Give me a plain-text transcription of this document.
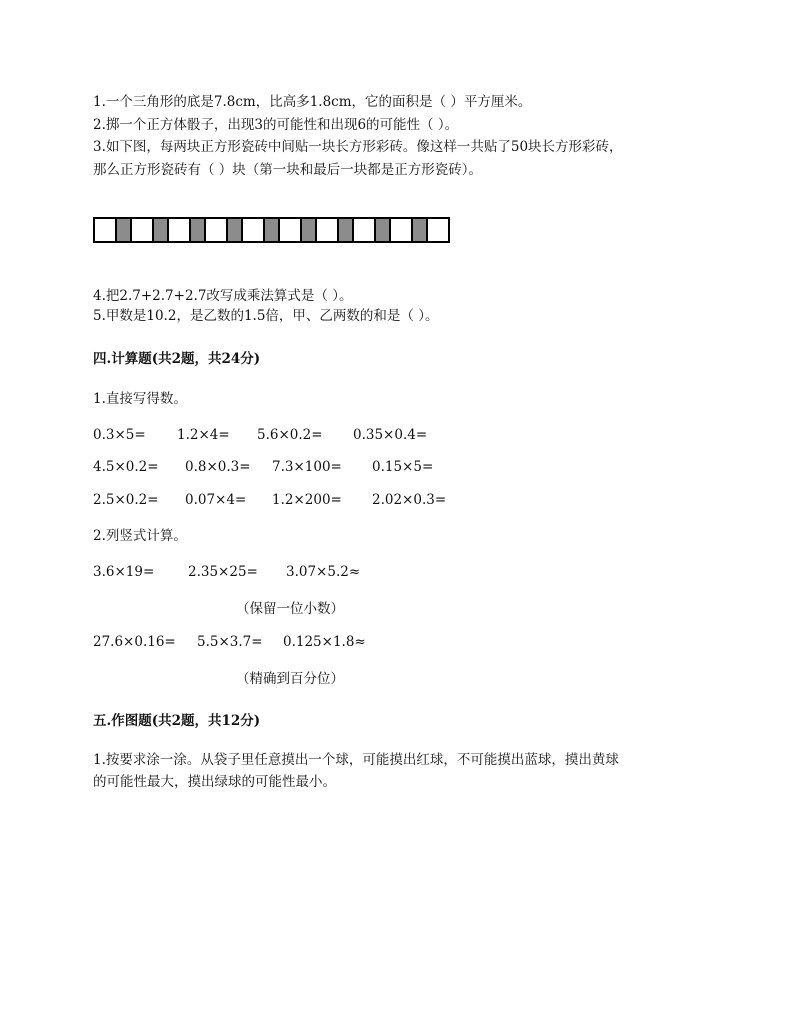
1.一个三角形的底是7.8cm，比高多1.8cm，它的面积是（ ）平方厘米。
2.掷一个正方体骰子，出现3的可能性和出现6的可能性（ ）。
3.如下图，每两块正方形瓷砖中间贴一块长方形彩砖。像这样一共贴了50块长方形彩砖，
那么正方形瓷砖有（ ）块（第一块和最后一块都是正方形瓷砖）。
4.把2.7+2.7+2.7改写成乘法算式是（ ）。
5.甲数是10.2，是乙数的1.5倍，甲、乙两数的和是（ ）。
四.计算题(共2题，共24分)
1.直接写得数。
0.3×5= 1.2×4= 5.6×0.2= 0.35×0.4=
4.5×0.2= 0.8×0.3= 7.3×100= 0.15×5=
2.5×0.2= 0.07×4= 1.2×200= 2.02×0.3=
2.列竖式计算。
3.6×19= 2.35×25= 3.07×5.2≈
（保留一位小数）
27.6×0.16= 5.5×3.7= 0.125×1.8≈
（精确到百分位）
五.作图题(共2题，共12分)
1.按要求涂一涂。从袋子里任意摸出一个球，可能摸出红球，不可能摸出蓝球，摸出黄球
的可能性最大，摸出绿球的可能性最小。
